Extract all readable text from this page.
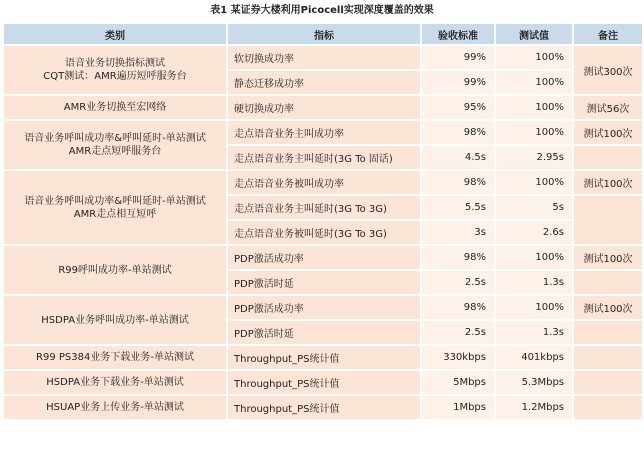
表1 某证券大楼利用Picocell实现深度覆盖的效果
类别	指标	验收标准	测试值	备注

语音业务切换指标测试
CQT测试：AMR遍历短呼服务台	软切换成功率	99%	100%	测试300次
	静态迁移成功率	99%	100%	

AMR业务切换至宏网络	硬切换成功率	95%	100%	测试56次

语音业务呼叫成功率&呼叫延时-单站测试
AMR走点短呼服务台	走点语音业务主叫成功率	98%	100%	测试100次
	走点语音业务主叫延时(3G To 固话)	4.5s	2.95s	

语音业务呼叫成功率&呼叫延时-单站测试
AMR走点相互短呼	走点语音业务被叫成功率	98%	100%	测试100次
	走点语音业务主叫延时(3G To 3G)	5.5s	5s	
	走点语音业务被叫延时(3G To 3G)	3s	2.6s	

R99呼叫成功率-单站测试	PDP激活成功率	98%	100%	测试100次
	PDP激活时延	2.5s	1.3s	

HSDPA业务呼叫成功率-单站测试	PDP激活成功率	98%	100%	测试100次
	PDP激活时延	2.5s	1.3s	

R99 PS384业务下载业务-单站测试	Throughput_PS统计值	330kbps	401kbps	

HSDPA业务下载业务-单站测试	Throughput_PS统计值	5Mbps	5.3Mbps	

HSUAP业务上传业务-单站测试	Throughput_PS统计值	1Mbps	1.2Mbps	
